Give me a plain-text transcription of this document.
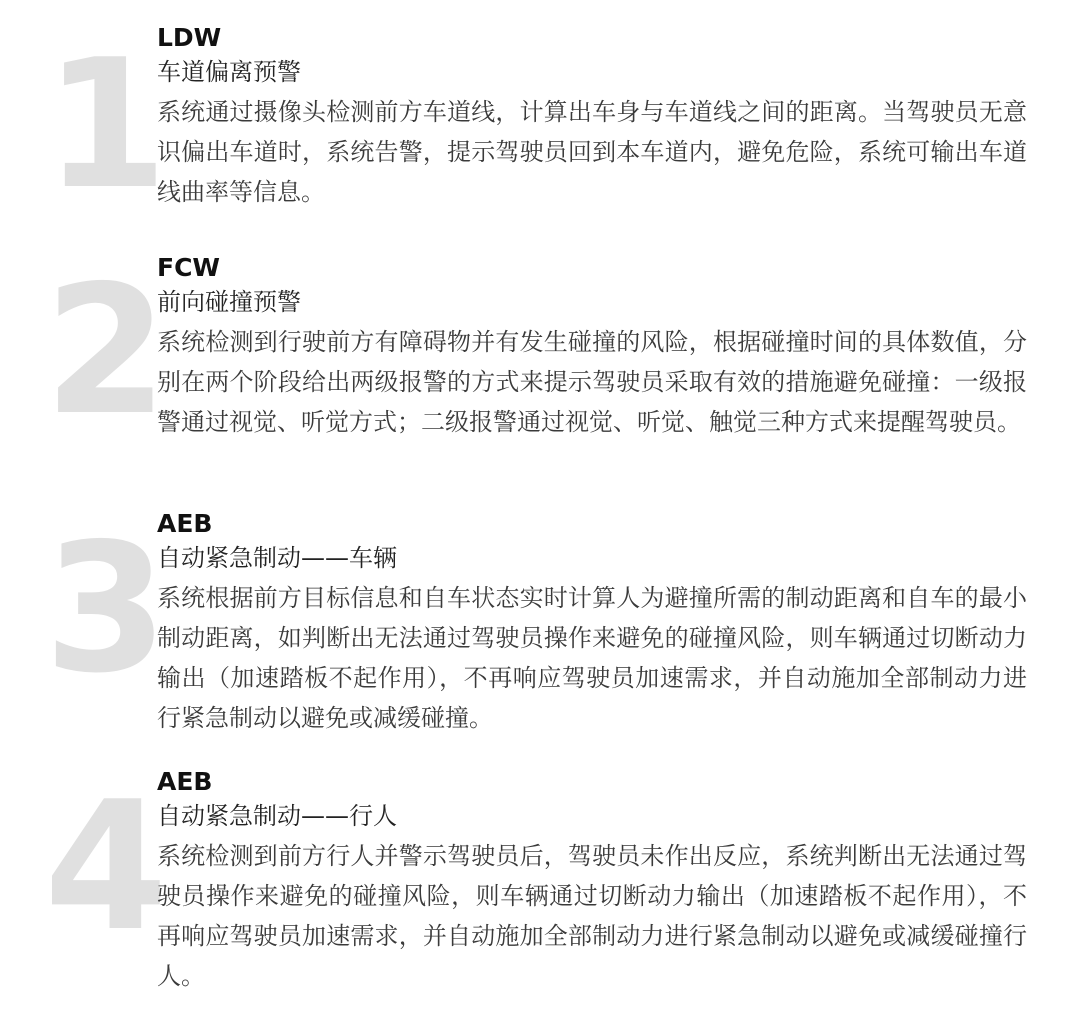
1
LDW
车道偏离预警

系统通过摄像头检测前方车道线，计算出车身与车道线之间的距离。当驾驶员无意识偏出车道时，系统告警，提示驾驶员回到本车道内，避免危险，系统可输出车道线曲率等信息。

2
FCW
前向碰撞预警

系统检测到行驶前方有障碍物并有发生碰撞的风险，根据碰撞时间的具体数值，分别在两个阶段给出两级报警的方式来提示驾驶员采取有效的措施避免碰撞：一级报警通过视觉、听觉方式；二级报警通过视觉、听觉、触觉三种方式来提醒驾驶员。

3
AEB
自动紧急制动——车辆

系统根据前方目标信息和自车状态实时计算人为避撞所需的制动距离和自车的最小制动距离，如判断出无法通过驾驶员操作来避免的碰撞风险，则车辆通过切断动力输出（加速踏板不起作用），不再响应驾驶员加速需求，并自动施加全部制动力进行紧急制动以避免或减缓碰撞。

4
AEB
自动紧急制动——行人

系统检测到前方行人并警示驾驶员后，驾驶员未作出反应，系统判断出无法通过驾驶员操作来避免的碰撞风险，则车辆通过切断动力输出（加速踏板不起作用），不再响应驾驶员加速需求，并自动施加全部制动力进行紧急制动以避免或减缓碰撞行人。
